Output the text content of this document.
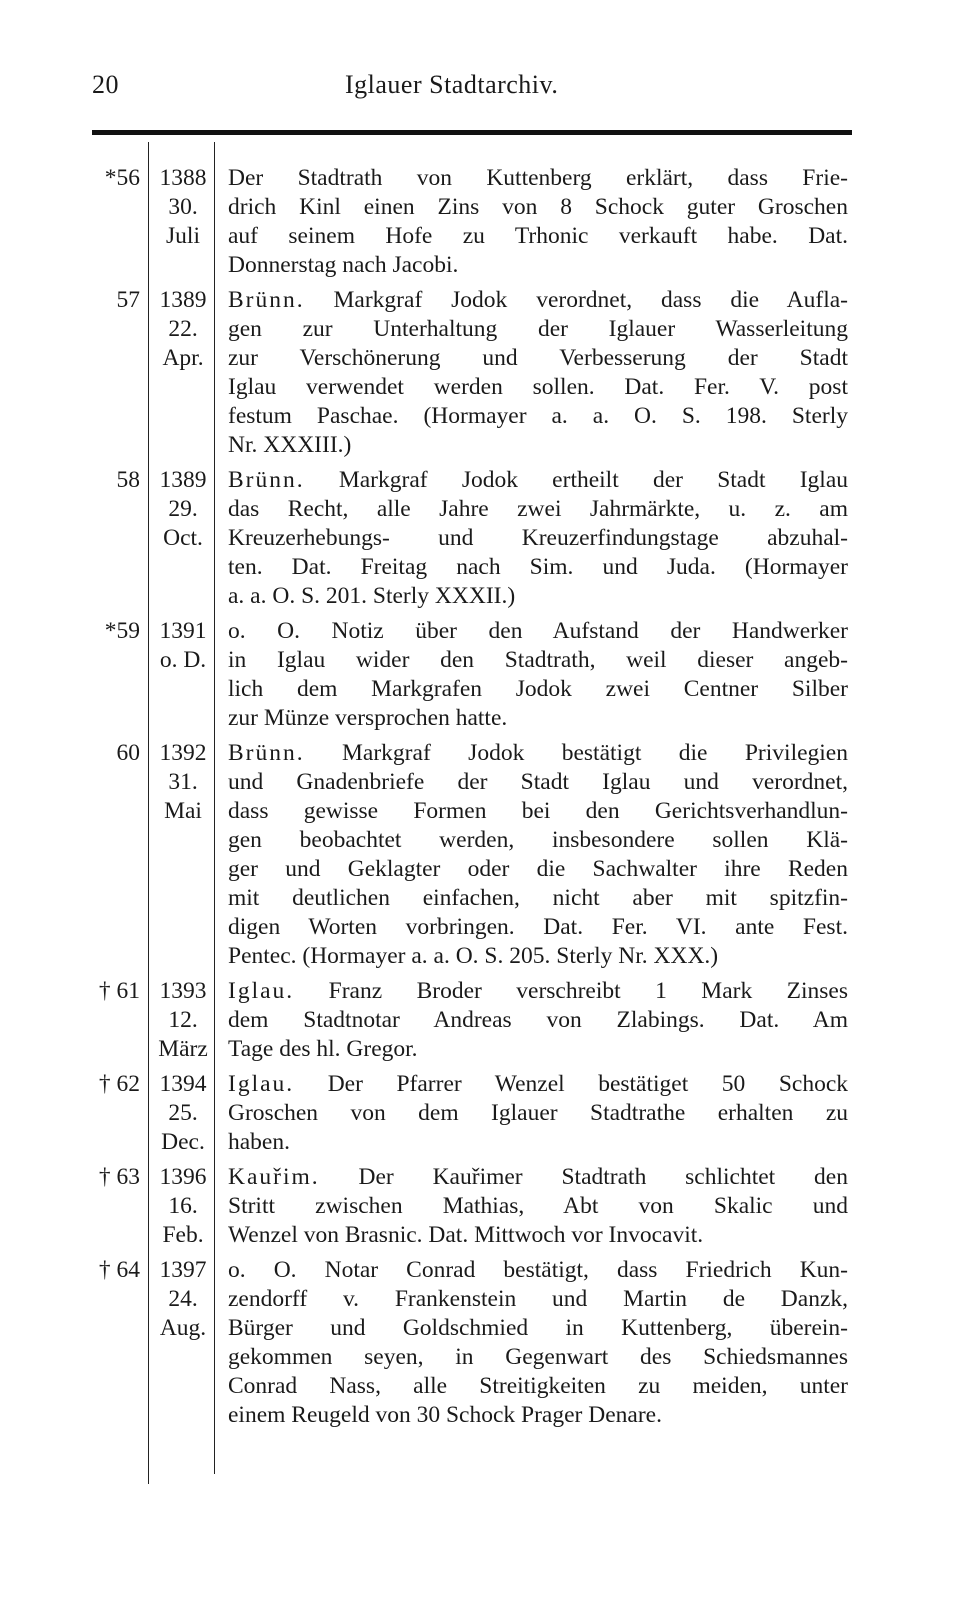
20	Iglauer Stadtarchiv.
*56 1388
30.
Juli
Der Stadtrath von Kuttenberg erklärt, dass Frie-
drich Kinl einen Zins von 8 Schock guter Groschen
auf seinem Hofe zu Trhonic verkauft habe. Dat.
Donnerstag nach Jacobi.
57 1389
22.
Apr.
Brünn. Markgraf Jodok verordnet, dass die Aufla-
gen zur Unterhaltung der Iglauer Wasserleitung
zur Verschönerung und Verbesserung der Stadt
Iglau verwendet werden sollen. Dat. Fer. V. post
festum Paschae. (Hormayer a. a. O. S. 198. Sterly
Nr. XXXIII.)
58 1389
29.
Oct.
Brünn. Markgraf Jodok ertheilt der Stadt Iglau
das Recht, alle Jahre zwei Jahrmärkte, u. z. am
Kreuzerhebungs- und Kreuzerfindungstage abzuhal-
ten. Dat. Freitag nach Sim. und Juda. (Hormayer
a. a. O. S. 201. Sterly XXXII.)
*59 1391
o. D.
o. O. Notiz über den Aufstand der Handwerker
in Iglau wider den Stadtrath, weil dieser angeb-
lich dem Markgrafen Jodok zwei Centner Silber
zur Münze versprochen hatte.
60 1392
31.
Mai
Brünn. Markgraf Jodok bestätigt die Privilegien
und Gnadenbriefe der Stadt Iglau und verordnet,
dass gewisse Formen bei den Gerichtsverhandlun-
gen beobachtet werden, insbesondere sollen Klä-
ger und Geklagter oder die Sachwalter ihre Reden
mit deutlichen einfachen, nicht aber mit spitzfin-
digen Worten vorbringen. Dat. Fer. VI. ante Fest.
Pentec. (Hormayer a. a. O. S. 205. Sterly Nr. XXX.)
† 61 1393
12.
März
Iglau. Franz Broder verschreibt 1 Mark Zinses
dem Stadtnotar Andreas von Zlabings. Dat. Am
Tage des hl. Gregor.
† 62 1394
25.
Dec.
Iglau. Der Pfarrer Wenzel bestätiget 50 Schock
Groschen von dem Iglauer Stadtrathe erhalten zu
haben.
† 63 1396
16.
Feb.
Kauřim. Der Kauřimer Stadtrath schlichtet den
Stritt zwischen Mathias, Abt von Skalic und
Wenzel von Brasnic. Dat. Mittwoch vor Invocavit.
† 64 1397
24.
Aug.
o. O. Notar Conrad bestätigt, dass Friedrich Kun-
zendorff v. Frankenstein und Martin de Danzk,
Bürger und Goldschmied in Kuttenberg, überein-
gekommen seyen, in Gegenwart des Schiedsmannes
Conrad Nass, alle Streitigkeiten zu meiden, unter
einem Reugeld von 30 Schock Prager Denare.
